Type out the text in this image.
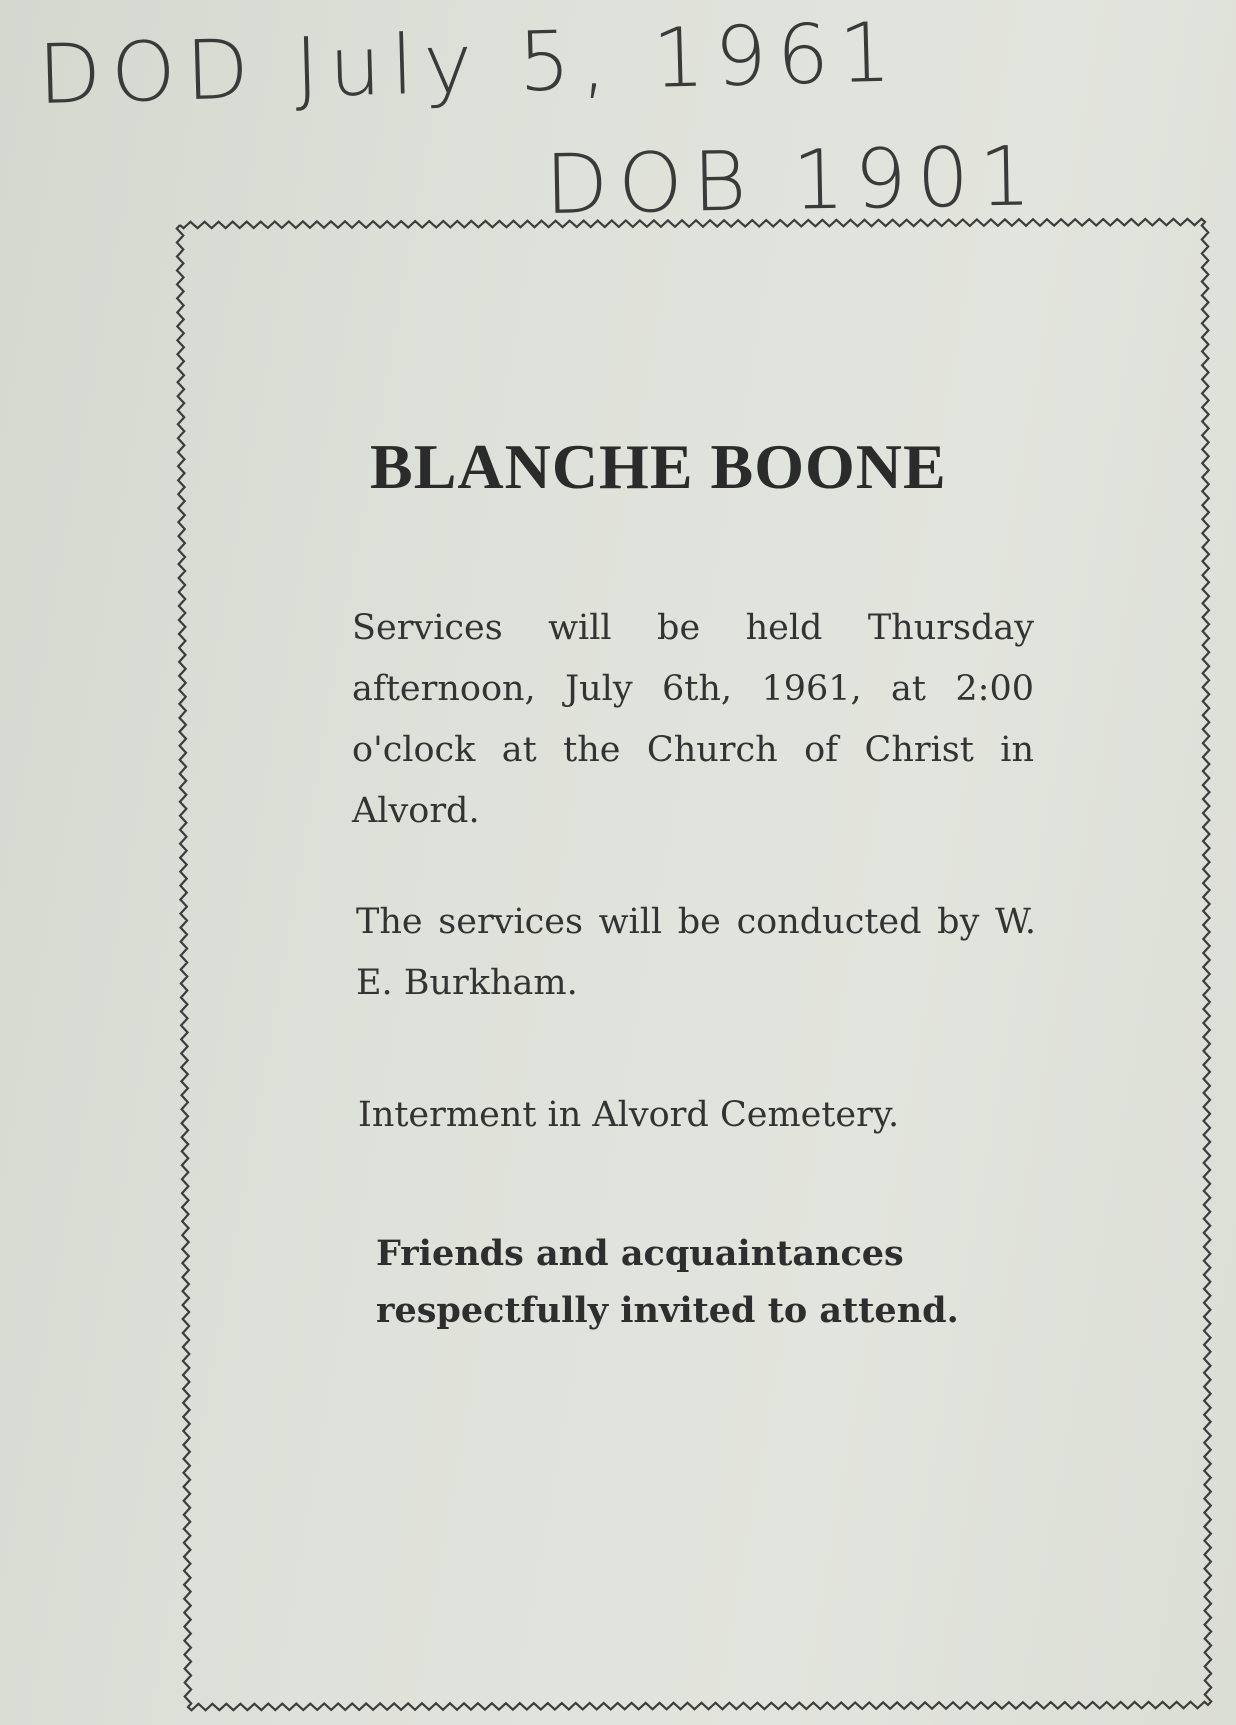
DOD July 5, 1961
DOB 1901
BLANCHE BOONE
Services will be held Thursday afternoon, July 6th, 1961, at 2:00 o'clock at the Church of Christ in Alvord.
The services will be conducted by W. E. Burkham.
Interment in Alvord Cemetery.
Friends and acquaintances respectfully invited to attend.
